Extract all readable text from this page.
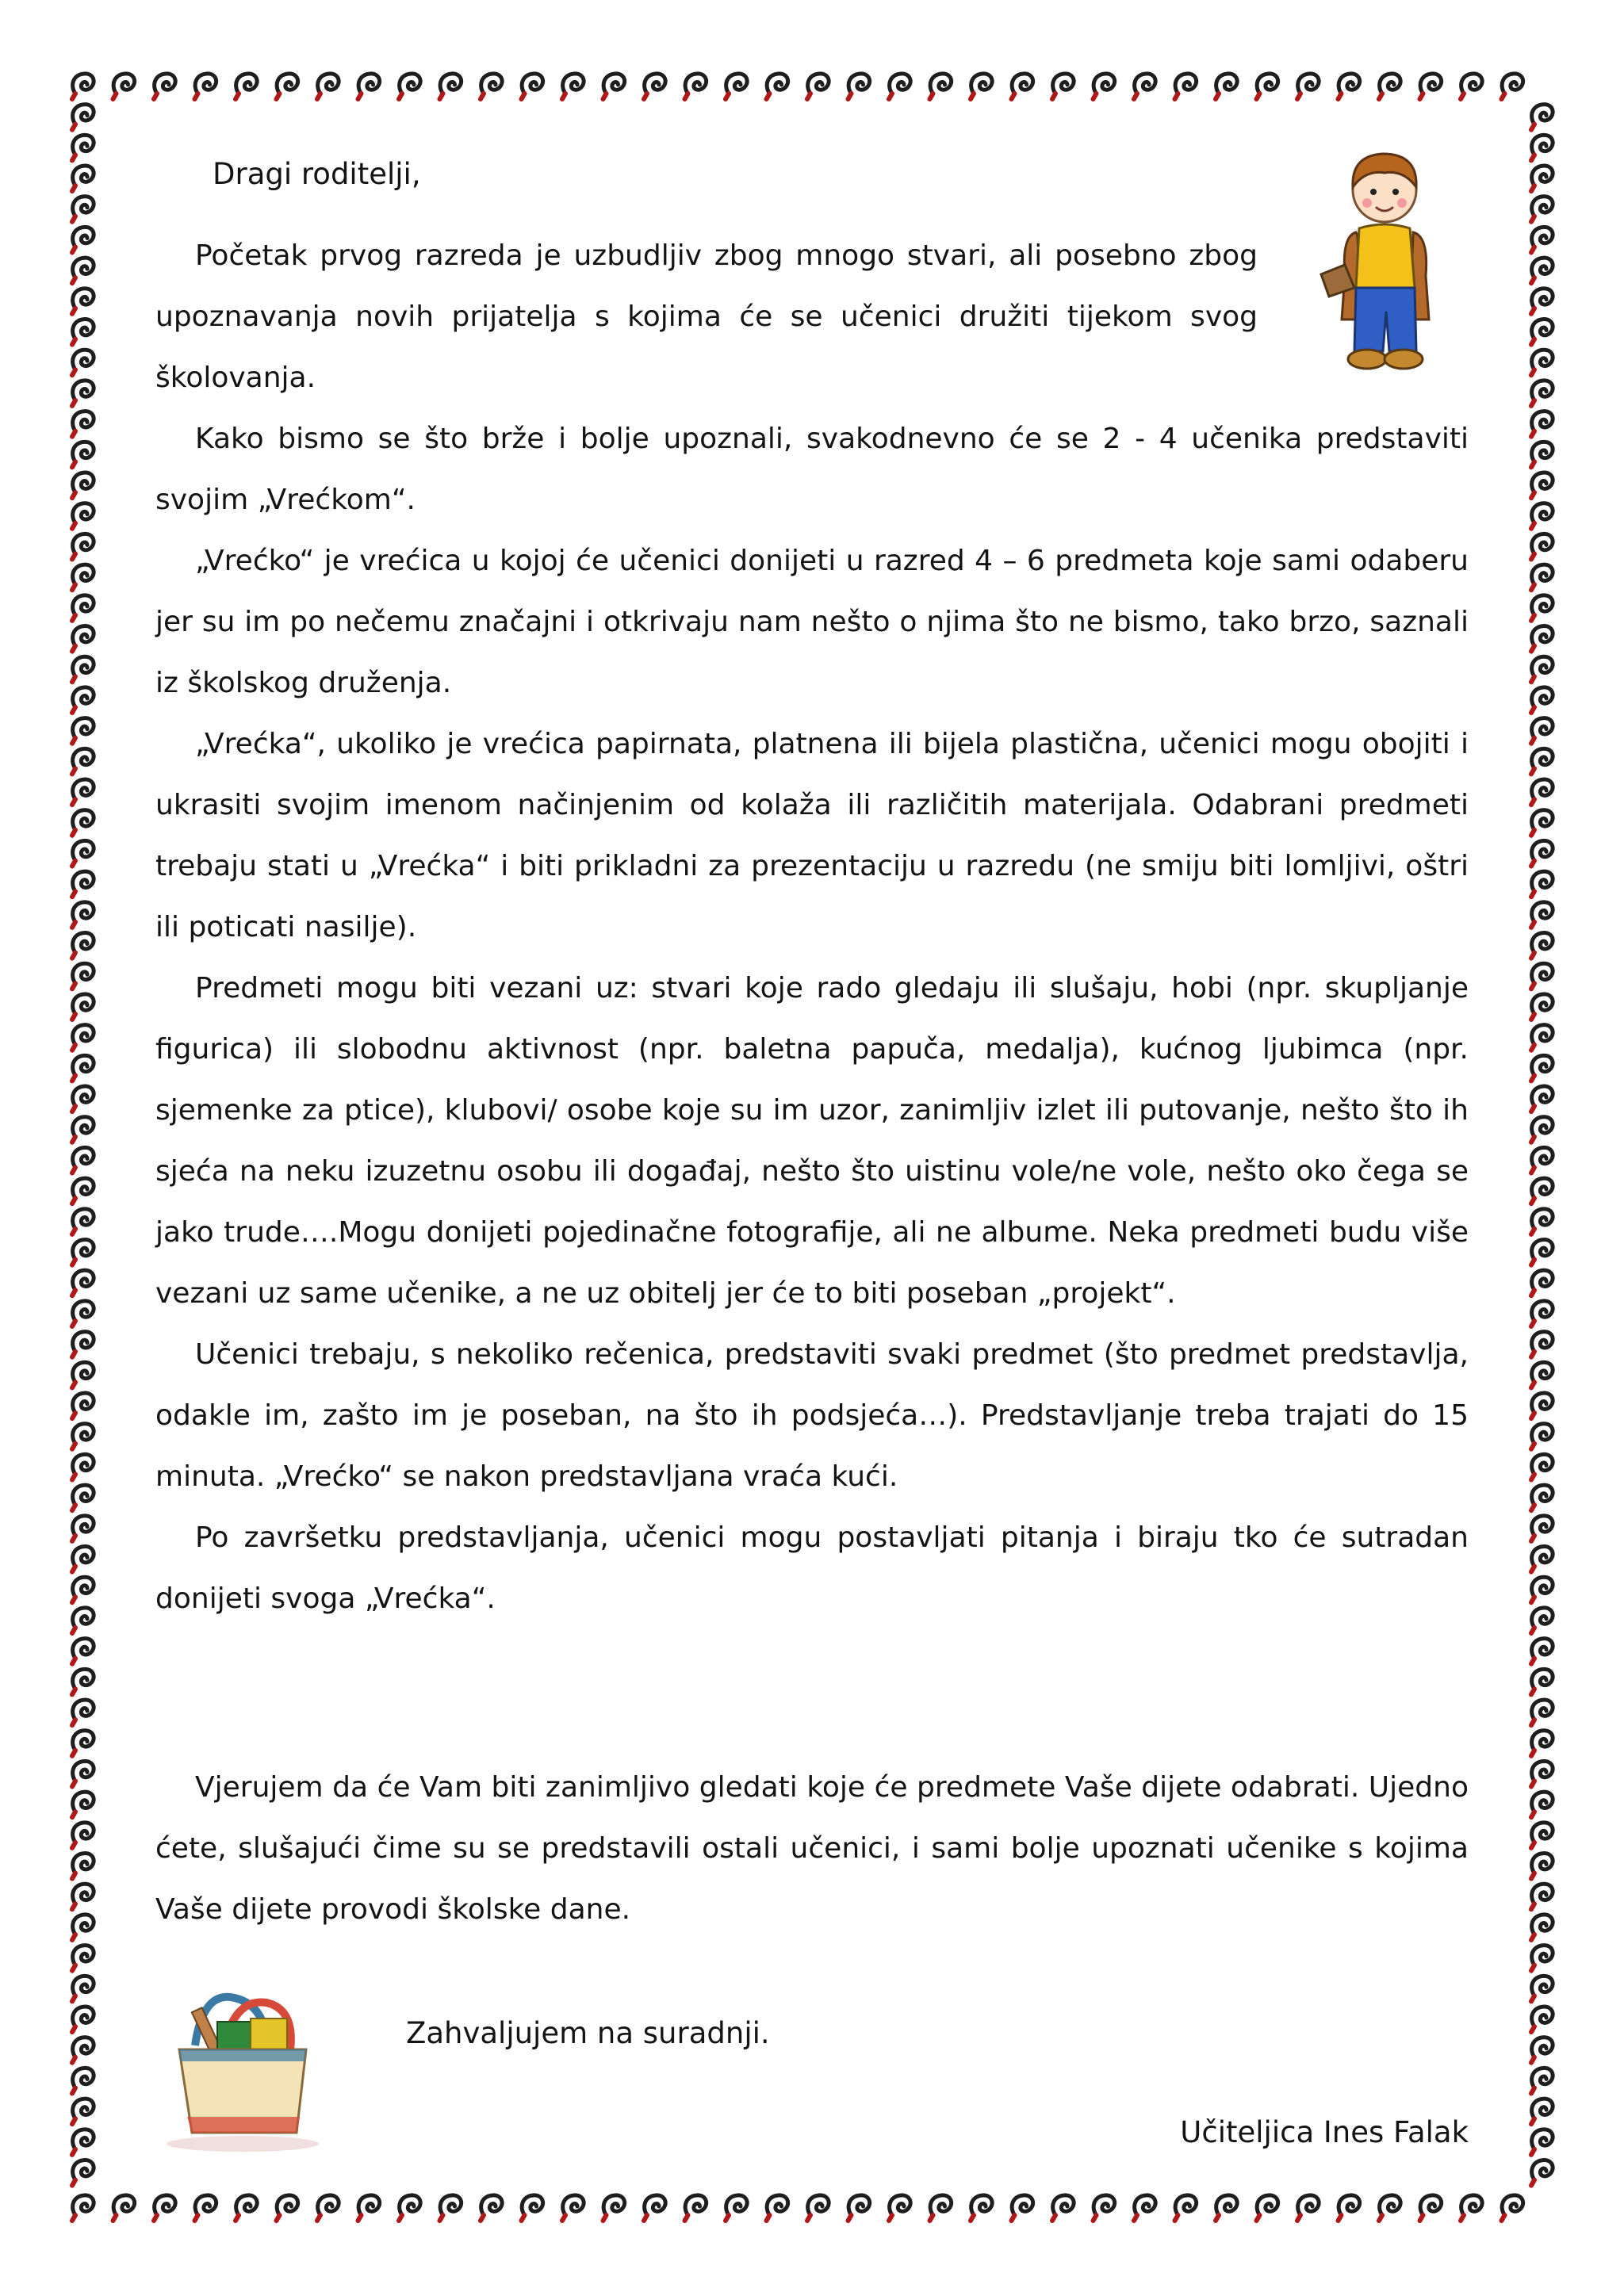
Dragi roditelji,

Početak prvog razreda je uzbudljiv zbog mnogo stvari, ali posebno zbog upoznavanja novih prijatelja s kojima će se učenici družiti tijekom svog školovanja.

Kako bismo se što brže i bolje upoznali, svakodnevno će se 2 - 4 učenika predstaviti svojim „Vrećkom“.

„Vrećko“ je vrećica u kojoj će učenici donijeti u razred 4 – 6 predmeta koje sami odaberu jer su im po nečemu značajni i otkrivaju nam nešto o njima što ne bismo, tako brzo, saznali iz školskog druženja.

„Vrećka“, ukoliko je vrećica papirnata, platnena ili bijela plastična, učenici mogu obojiti i ukrasiti svojim imenom načinjenim od kolaža ili različitih materijala. Odabrani predmeti trebaju stati u „Vrećka“ i biti prikladni za prezentaciju u razredu (ne smiju biti lomljivi, oštri ili poticati nasilje).

Predmeti mogu biti vezani uz: stvari koje rado gledaju ili slušaju, hobi (npr. skupljanje figurica) ili slobodnu aktivnost (npr. baletna papuča, medalja), kućnog ljubimca (npr. sjemenke za ptice), klubovi/ osobe koje su im uzor, zanimljiv izlet ili putovanje, nešto što ih sjeća na neku izuzetnu osobu ili događaj, nešto što uistinu vole/ne vole, nešto oko čega se jako trude….Mogu donijeti pojedinačne fotografije, ali ne albume. Neka predmeti budu više vezani uz same učenike, a ne uz obitelj jer će to biti poseban „projekt“.

Učenici trebaju, s nekoliko rečenica, predstaviti svaki predmet (što predmet predstavlja, odakle im, zašto im je poseban, na što ih podsjeća…). Predstavljanje treba trajati do 15 minuta. „Vrećko“ se nakon predstavljana vraća kući.

Po završetku predstavljanja, učenici mogu postavljati pitanja i biraju tko će sutradan donijeti svoga „Vrećka“.

Vjerujem da će Vam biti zanimljivo gledati koje će predmete Vaše dijete odabrati. Ujedno ćete, slušajući čime su se predstavili ostali učenici, i sami bolje upoznati učenike s kojima Vaše dijete provodi školske dane.

Zahvaljujem na suradnji.
Učiteljica Ines Falak
